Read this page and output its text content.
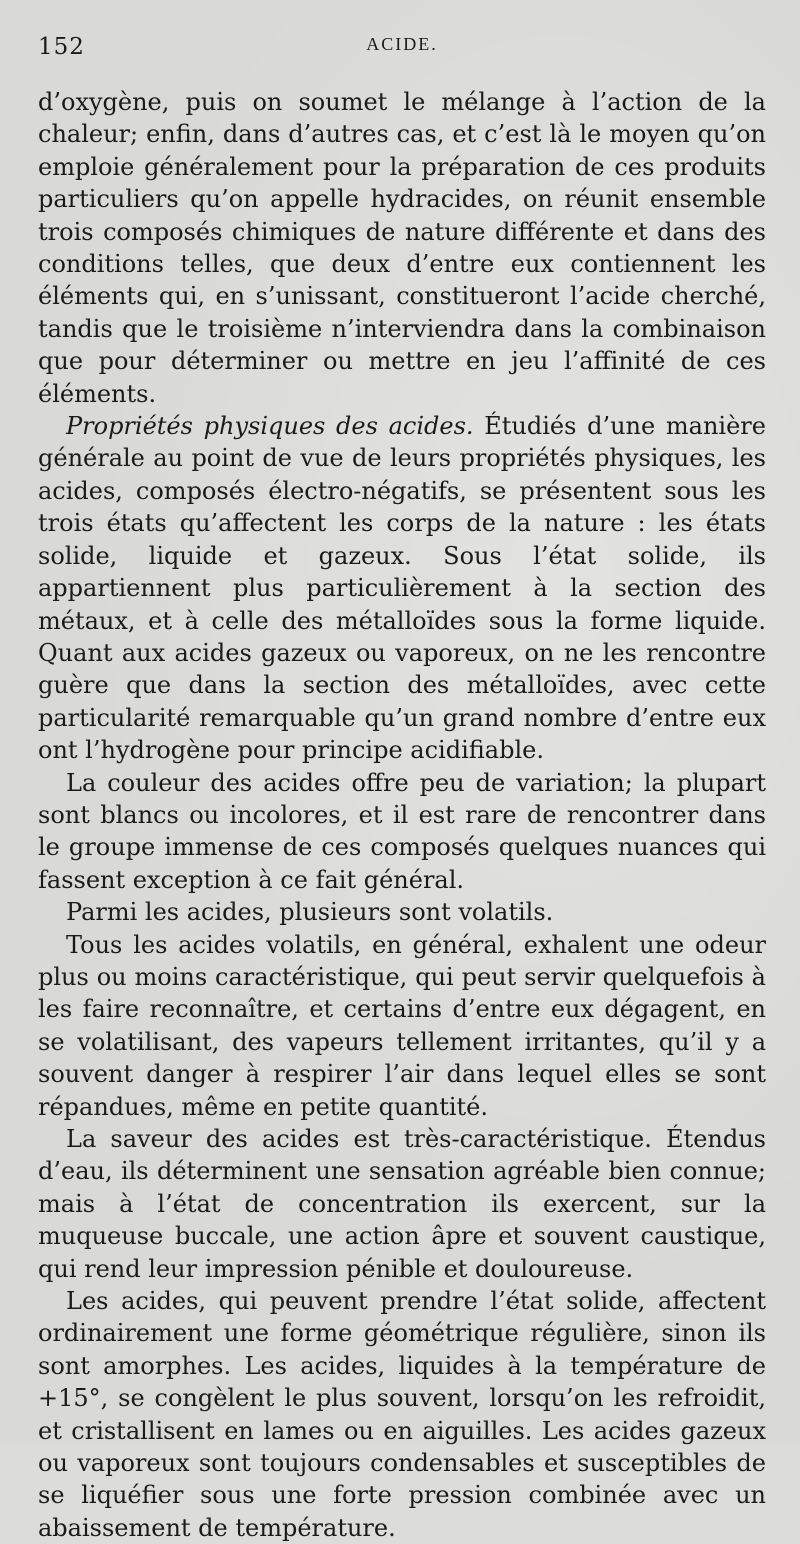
152	ACIDE.

d’oxygène, puis on soumet le mélange à l’action de la chaleur; enfin, dans d’autres cas, et c’est là le moyen qu’on emploie généralement pour la préparation de ces produits particuliers qu’on appelle hydracides, on réunit ensemble trois composés chimiques de nature différente et dans des conditions telles, que deux d’entre eux contiennent les éléments qui, en s’unissant, constitueront l’acide cherché, tandis que le troisième n’interviendra dans la combinaison que pour déterminer ou mettre en jeu l’affinité de ces éléments.

Propriétés physiques des acides. Étudiés d’une manière générale au point de vue de leurs propriétés physiques, les acides, composés électro-négatifs, se présentent sous les trois états qu’affectent les corps de la nature : les états solide, liquide et gazeux. Sous l’état solide, ils appartiennent plus particulièrement à la section des métaux, et à celle des métalloïdes sous la forme liquide. Quant aux acides gazeux ou vaporeux, on ne les rencontre guère que dans la section des métalloïdes, avec cette particularité remarquable qu’un grand nombre d’entre eux ont l’hydrogène pour principe acidifiable.

La couleur des acides offre peu de variation; la plupart sont blancs ou incolores, et il est rare de rencontrer dans le groupe immense de ces composés quelques nuances qui fassent exception à ce fait général.

Parmi les acides, plusieurs sont volatils.

Tous les acides volatils, en général, exhalent une odeur plus ou moins caractéristique, qui peut servir quelquefois à les faire reconnaître, et certains d’entre eux dégagent, en se volatilisant, des vapeurs tellement irritantes, qu’il y a souvent danger à respirer l’air dans lequel elles se sont répandues, même en petite quantité.

La saveur des acides est très-caractéristique. Étendus d’eau, ils déterminent une sensation agréable bien connue; mais à l’état de concentration ils exercent, sur la muqueuse buccale, une action âpre et souvent caustique, qui rend leur impression pénible et douloureuse.

Les acides, qui peuvent prendre l’état solide, affectent ordinairement une forme géométrique régulière, sinon ils sont amorphes. Les acides, liquides à la température de +15°, se congèlent le plus souvent, lorsqu’on les refroidit, et cristallisent en lames ou en aiguilles. Les acides gazeux ou vaporeux sont toujours condensables et susceptibles de se liquéfier sous une forte pression combinée avec un abaissement de température.
